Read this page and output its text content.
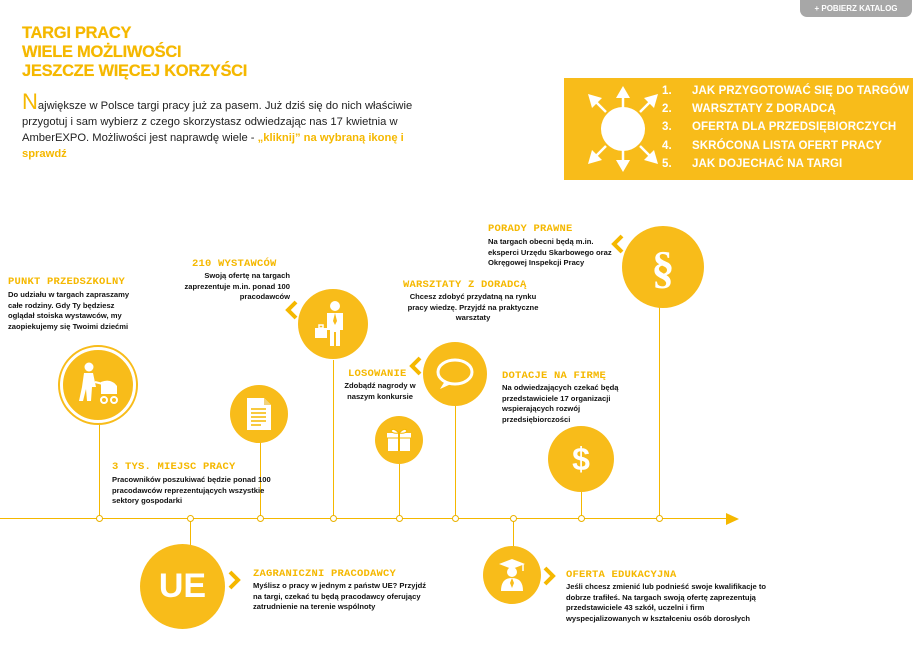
+ POBIERZ KATALOG
TARGI PRACY
WIELE MOŻLIWOŚCI
JESZCZE WIĘCEJ KORZYŚCI
Największe w Polsce targi pracy już za pasem. Już dziś się do nich właściwie przygotuj i sam wybierz z czego skorzystasz odwiedzając nas 17 kwietnia w AmberEXPO. Możliwości jest naprawdę wiele - „kliknij” na wybraną ikonę i sprawdź
1.	JAK PRZYGOTOWAĆ SIĘ DO TARGÓW
2.	WARSZTATY Z DORADCĄ
3.	OFERTA DLA PRZEDSIĘBIORCZYCH
4.	SKRÓCONA LISTA OFERT PRACY
5.	JAK DOJECHAĆ NA TARGI
PUNKT PRZEDSZKOLNY
Do udziału w targach zapraszamy całe rodziny. Gdy Ty będziesz oglądał stoiska wystawców, my zaopiekujemy się Twoimi dziećmi
210 WYSTAWCÓW
Swoją ofertę na targach zaprezentuje m.in. ponad 100 pracodawców
3 TYS. MIEJSC PRACY
Pracowników poszukiwać będzie ponad 100 pracodawców reprezentujących wszystkie sektory gospodarki
LOSOWANIE
Zdobądź nagrody w naszym konkursie
WARSZTATY Z DORADCĄ
Chcesz zdobyć przydatną na rynku pracy wiedzę. Przyjdź na praktyczne warsztaty
PORADY PRAWNE
Na targach obecni będą m.in. eksperci Urzędu Skarbowego oraz Okręgowej Inspekcji Pracy	§
DOTACJE NA FIRMĘ
Na odwiedzających czekać będą przedstawiciele 17 organizacji wspierających rozwój przedsiębiorczości
$
UE	ZAGRANICZNI PRACODAWCY
Myślisz o pracy w jednym z państw UE? Przyjdź na targi, czekać tu będą pracodawcy oferujący zatrudnienie na terenie wspólnoty
OFERTA EDUKACYJNA
Jeśli chcesz zmienić lub podnieść swoje kwalifikacje to dobrze trafiłeś. Na targach swoją ofertę zaprezentują przedstawiciele 43 szkół, uczelni i firm wyspecjalizowanych w kształceniu osób dorosłych
